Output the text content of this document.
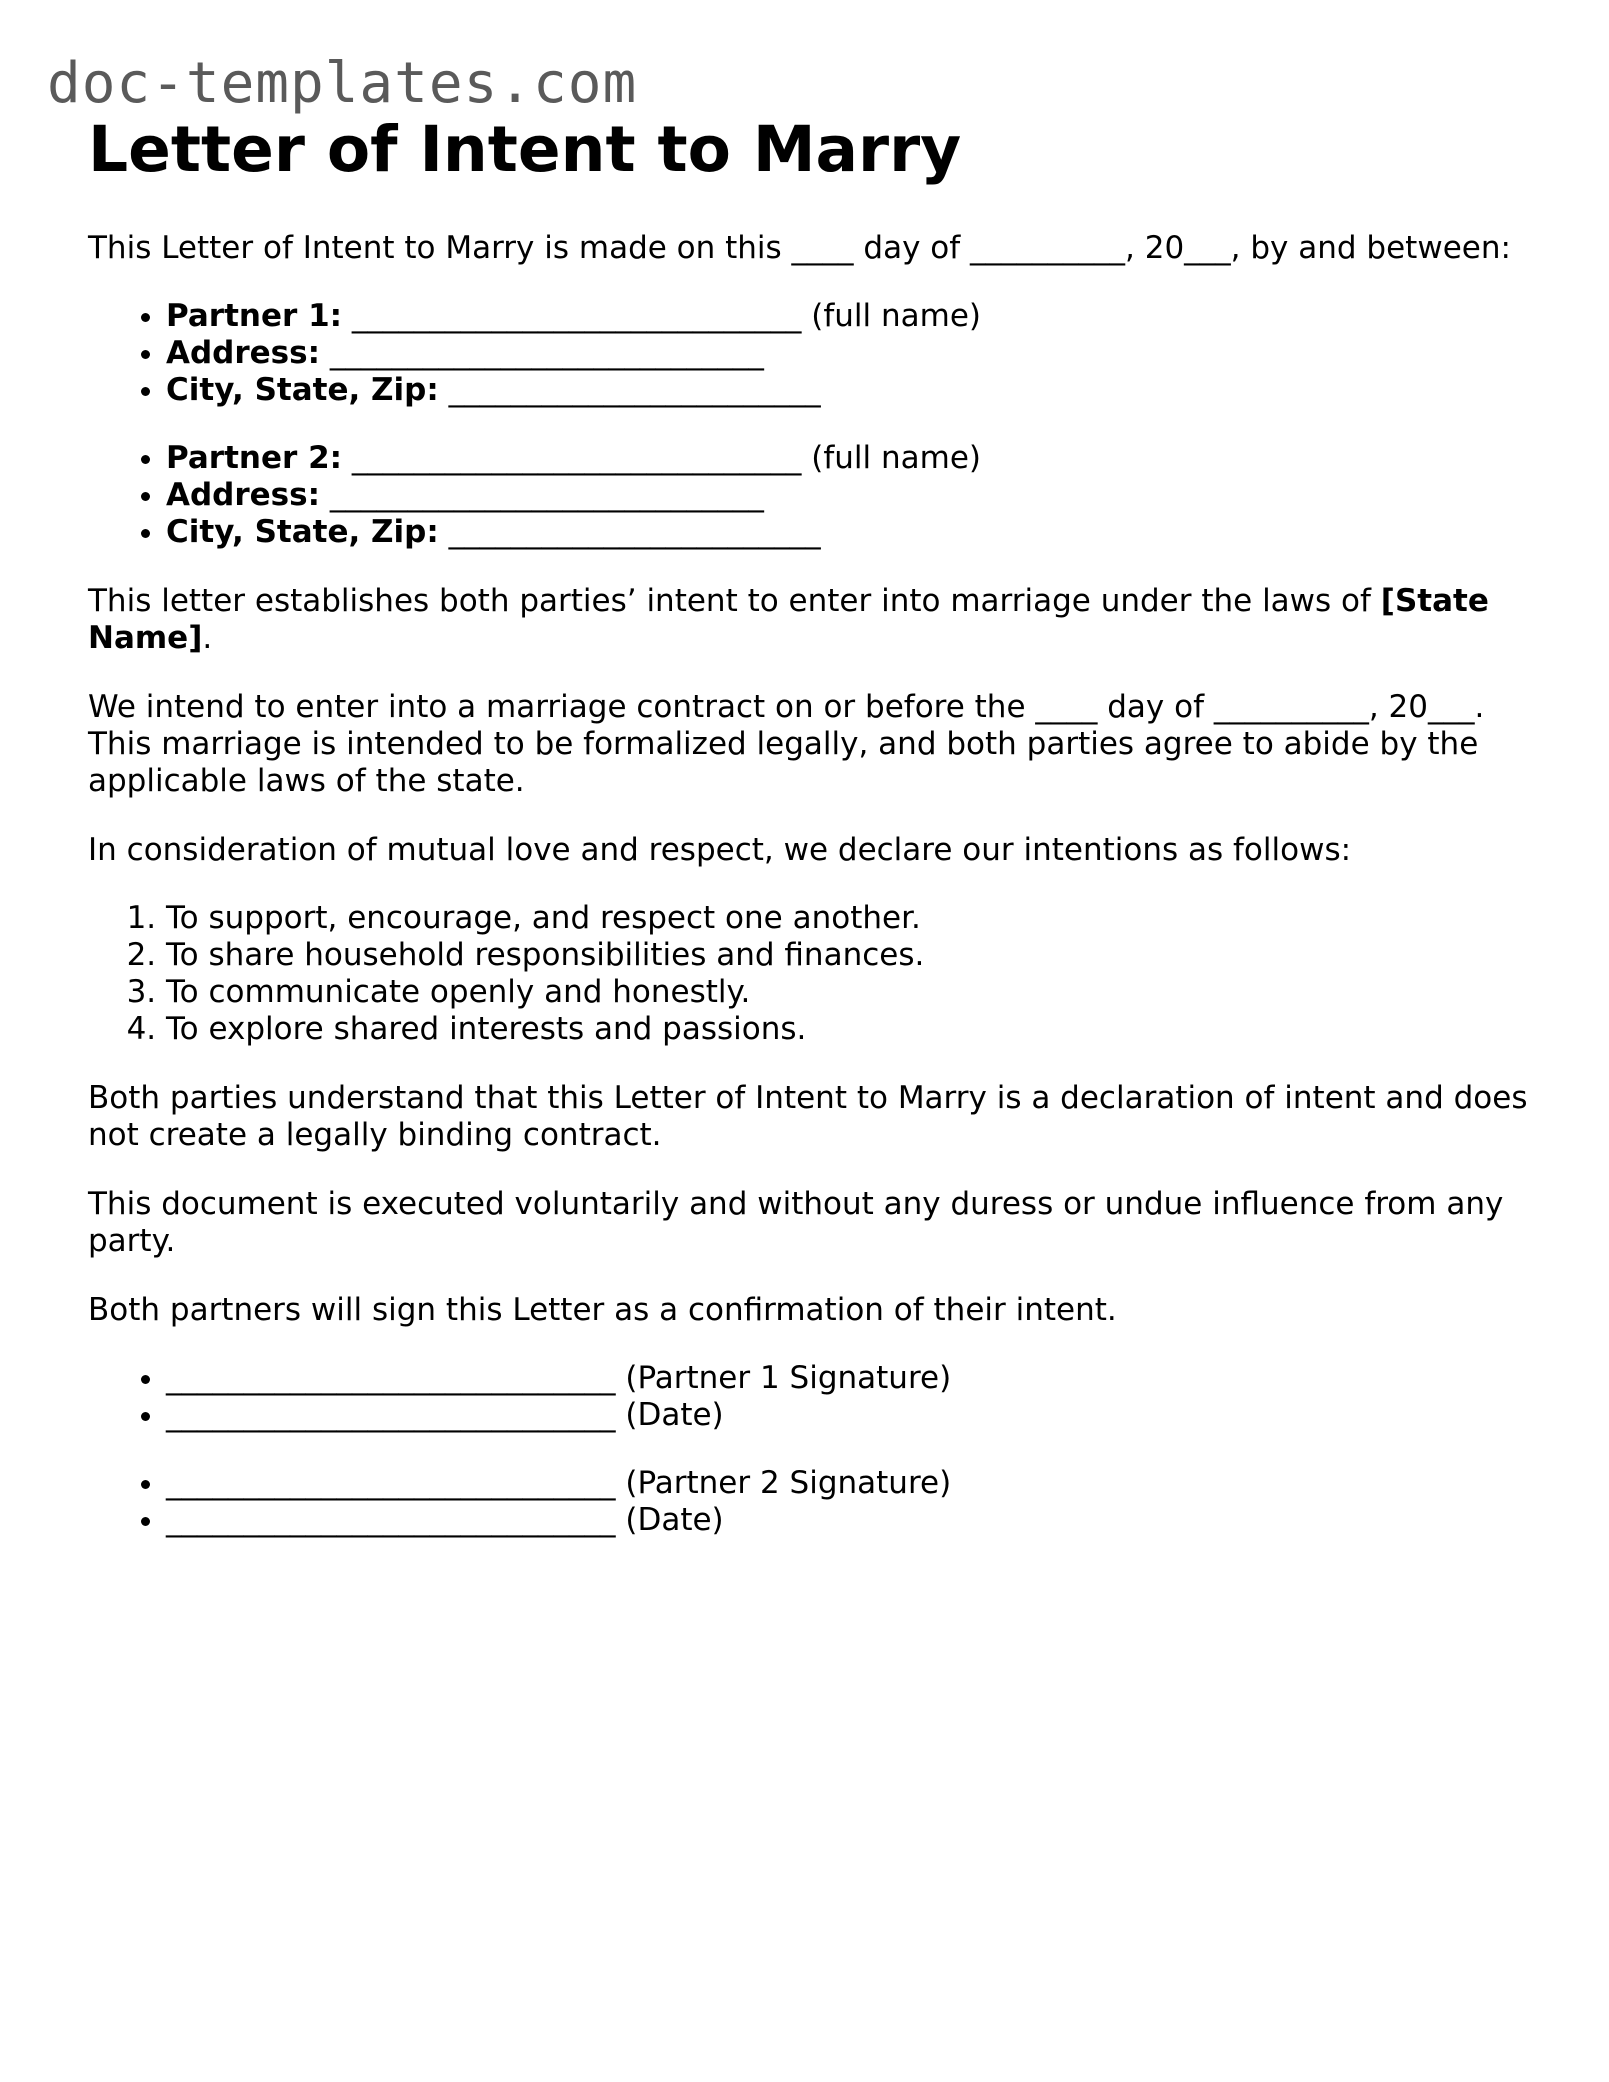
doc-templates.com
Letter of Intent to Marry

This Letter of Intent to Marry is made on this ____ day of __________, 20___, by and between:

• Partner 1: _____________________________ (full name)
• Address: ____________________________
• City, State, Zip: ________________________
• Partner 2: _____________________________ (full name)
• Address: ____________________________
• City, State, Zip: ________________________

This letter establishes both parties’ intent to enter into marriage under the laws of [State Name].

We intend to enter into a marriage contract on or before the ____ day of __________, 20___. This marriage is intended to be formalized legally, and both parties agree to abide by the applicable laws of the state.

In consideration of mutual love and respect, we declare our intentions as follows:

1. To support, encourage, and respect one another.
2. To share household responsibilities and finances.
3. To communicate openly and honestly.
4. To explore shared interests and passions.

Both parties understand that this Letter of Intent to Marry is a declaration of intent and does not create a legally binding contract.

This document is executed voluntarily and without any duress or undue influence from any party.

Both partners will sign this Letter as a confirmation of their intent.

• _____________________________ (Partner 1 Signature)
• _____________________________ (Date)
• _____________________________ (Partner 2 Signature)
• _____________________________ (Date)
